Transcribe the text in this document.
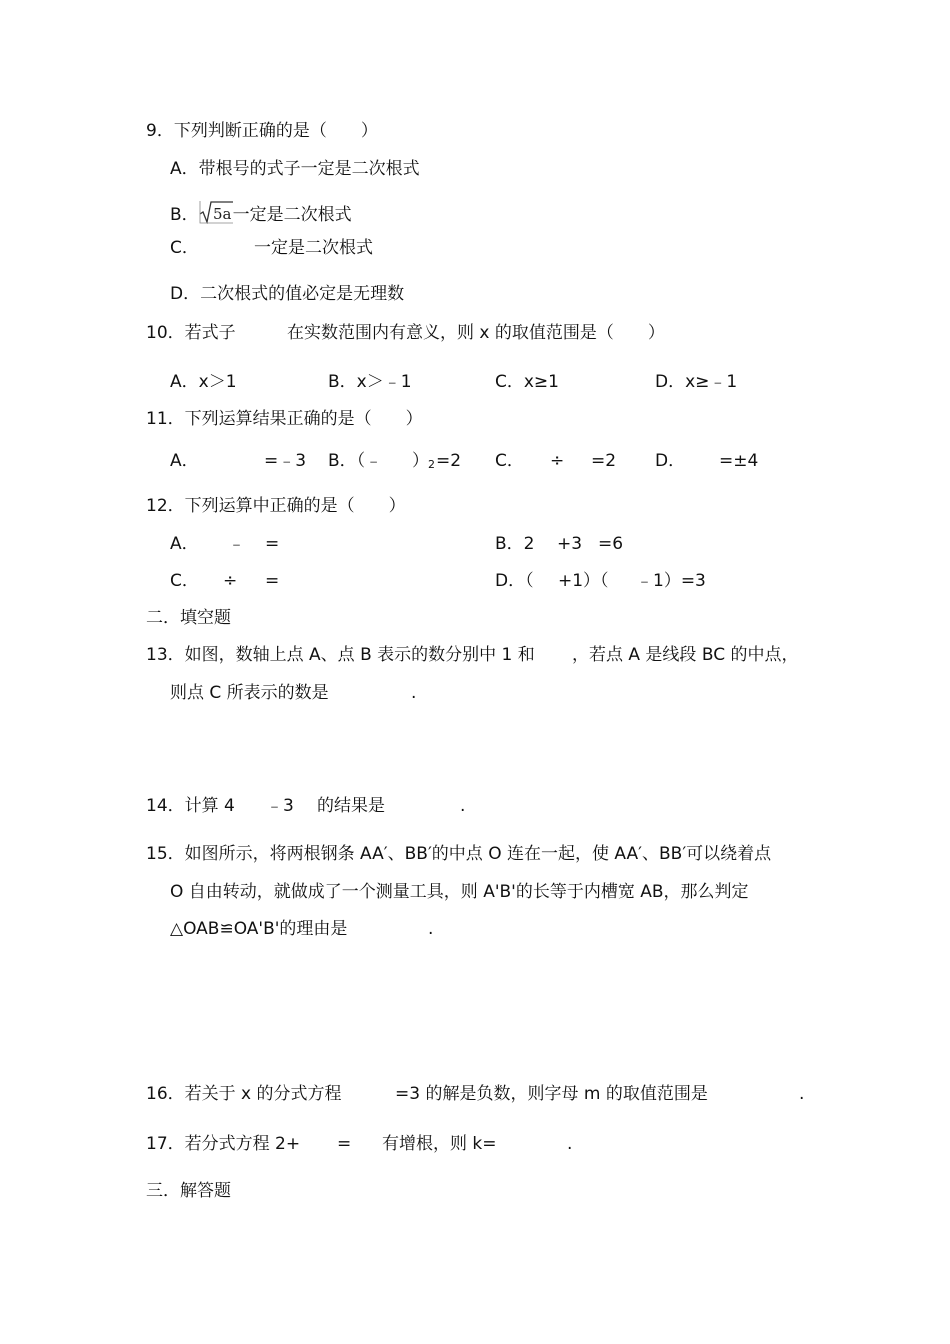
9．下列判断正确的是（　　）
A．带根号的式子一定是二次根式
B． 5a 一定是二次根式
C．	一定是二次根式
D．二次根式的值必定是无理数
10．若式子	在实数范围内有意义，则 x 的取值范围是（　　）
A．x＞1	B．x＞﹣1	C．x≥1	D．x≥﹣1
11．下列运算结果正确的是（　　）
A．	=﹣3 B．（﹣ ） 2 =2 C． ÷ =2 D． =±4
12．下列运算中正确的是（　　）
A． ﹣ =	B．2 +3 =6
C． ÷ =	D．（ +1）（ ﹣1）=3
二．填空题
13．如图，数轴上点 A、点 B 表示的数分别中 1 和 ，若点 A 是线段 BC 的中点，
则点 C 所表示的数是	.
14．计算 4 ﹣3 的结果是	.
15．如图所示，将两根钢条 AA′、BB′的中点 O 连在一起，使 AA′、BB′可以绕着点
O 自由转动，就做成了一个测量工具，则 A'B'的长等于内槽宽 AB，那么判定
△OAB≌OA'B'的理由是	.
16．若关于 x 的分式方程	=3 的解是负数，则字母 m 的取值范围是	.
17．若分式方程 2+ = 有增根，则 k=	.
三．解答题
